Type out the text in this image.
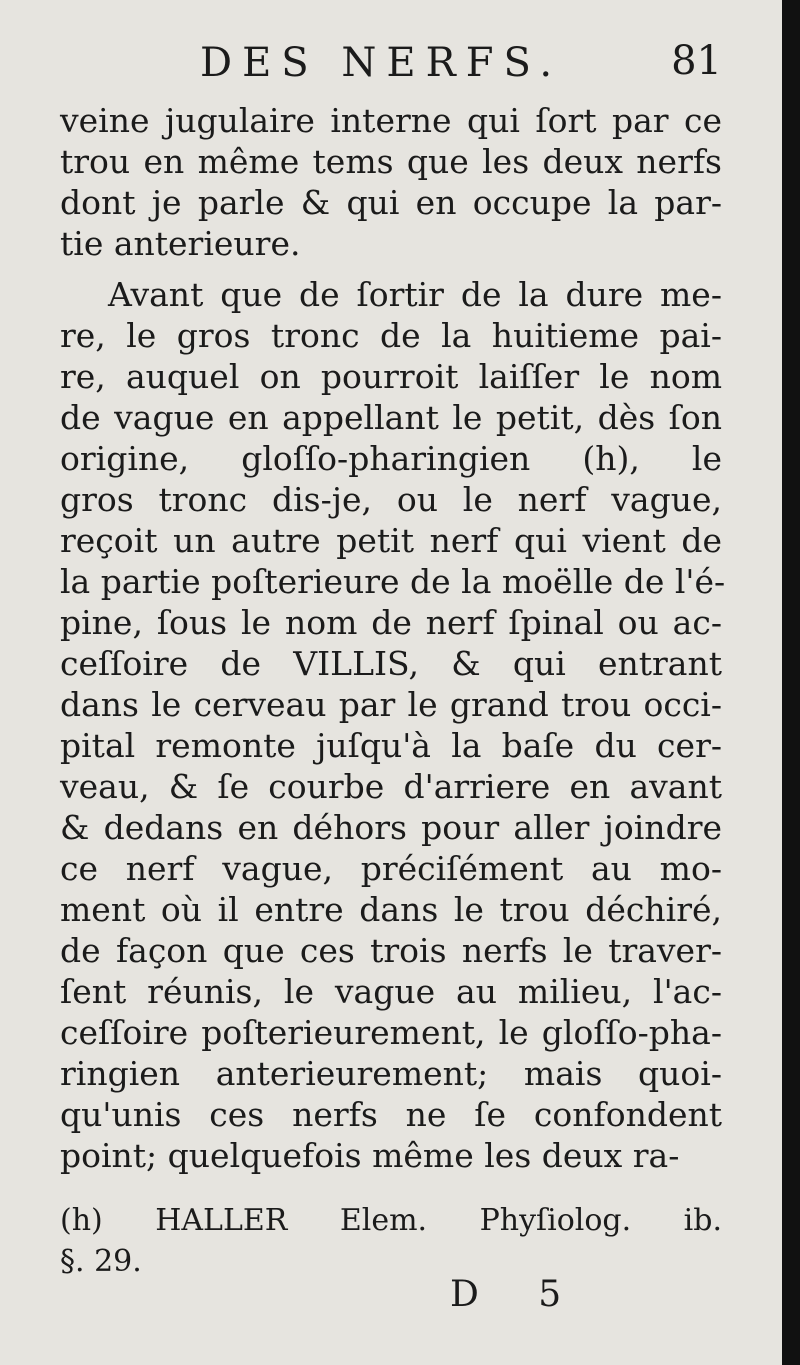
DES NERFS.	81
veine jugulaire interne qui ſort par ce
trou en même tems que les deux nerfs
dont je parle & qui en occupe la par-
tie anterieure.
Avant que de ſortir de la dure me-
re, le gros tronc de la huitieme pai-
re, auquel on pourroit laiſſer le nom
de vague en appellant le petit, dès ſon
origine, gloſſo-pharingien (h), le
gros tronc dis-je, ou le nerf vague,
reçoit un autre petit nerf qui vient de
la partie poſterieure de la moëlle de l'é-
pine, ſous le nom de nerf ſpinal ou ac-
ceſſoire de VILLIS, & qui entrant
dans le cerveau par le grand trou occi-
pital remonte juſqu'à la baſe du cer-
veau, & ſe courbe d'arriere en avant
& dedans en déhors pour aller joindre
ce nerf vague, préciſément au mo-
ment où il entre dans le trou déchiré,
de façon que ces trois nerfs le traver-
ſent réunis, le vague au milieu, l'ac-
ceſſoire poſterieurement, le gloſſo-pha-
ringien anterieurement; mais quoi-
qu'unis ces nerfs ne ſe confondent
point; quelquefois même les deux ra-
(h) HALLER Elem. Phyſiolog. ib.
§. 29.
D 5
